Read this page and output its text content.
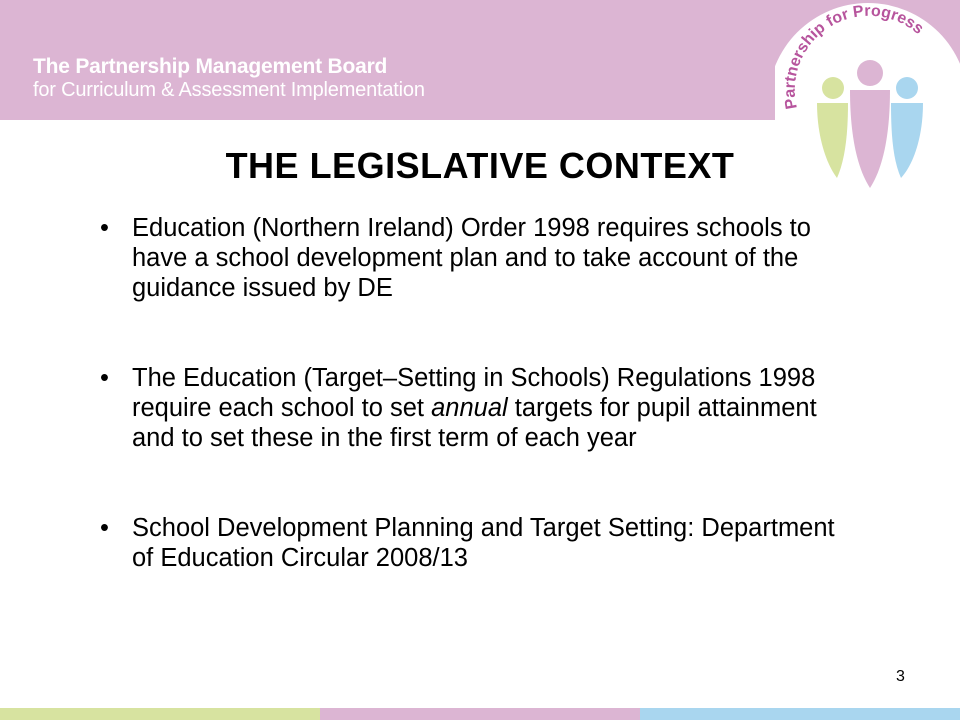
The Partnership Management Board
for Curriculum & Assessment Implementation
Partnership for Progress
THE LEGISLATIVE CONTEXT
• Education (Northern Ireland) Order 1998 requires schools to have a school development plan and to take account of the guidance issued by DE
• The Education (Target–Setting in Schools) Regulations 1998 require each school to set annual targets for pupil attainment and to set these in the first term of each year
• School Development Planning and Target Setting: Department of Education Circular 2008/13
3
